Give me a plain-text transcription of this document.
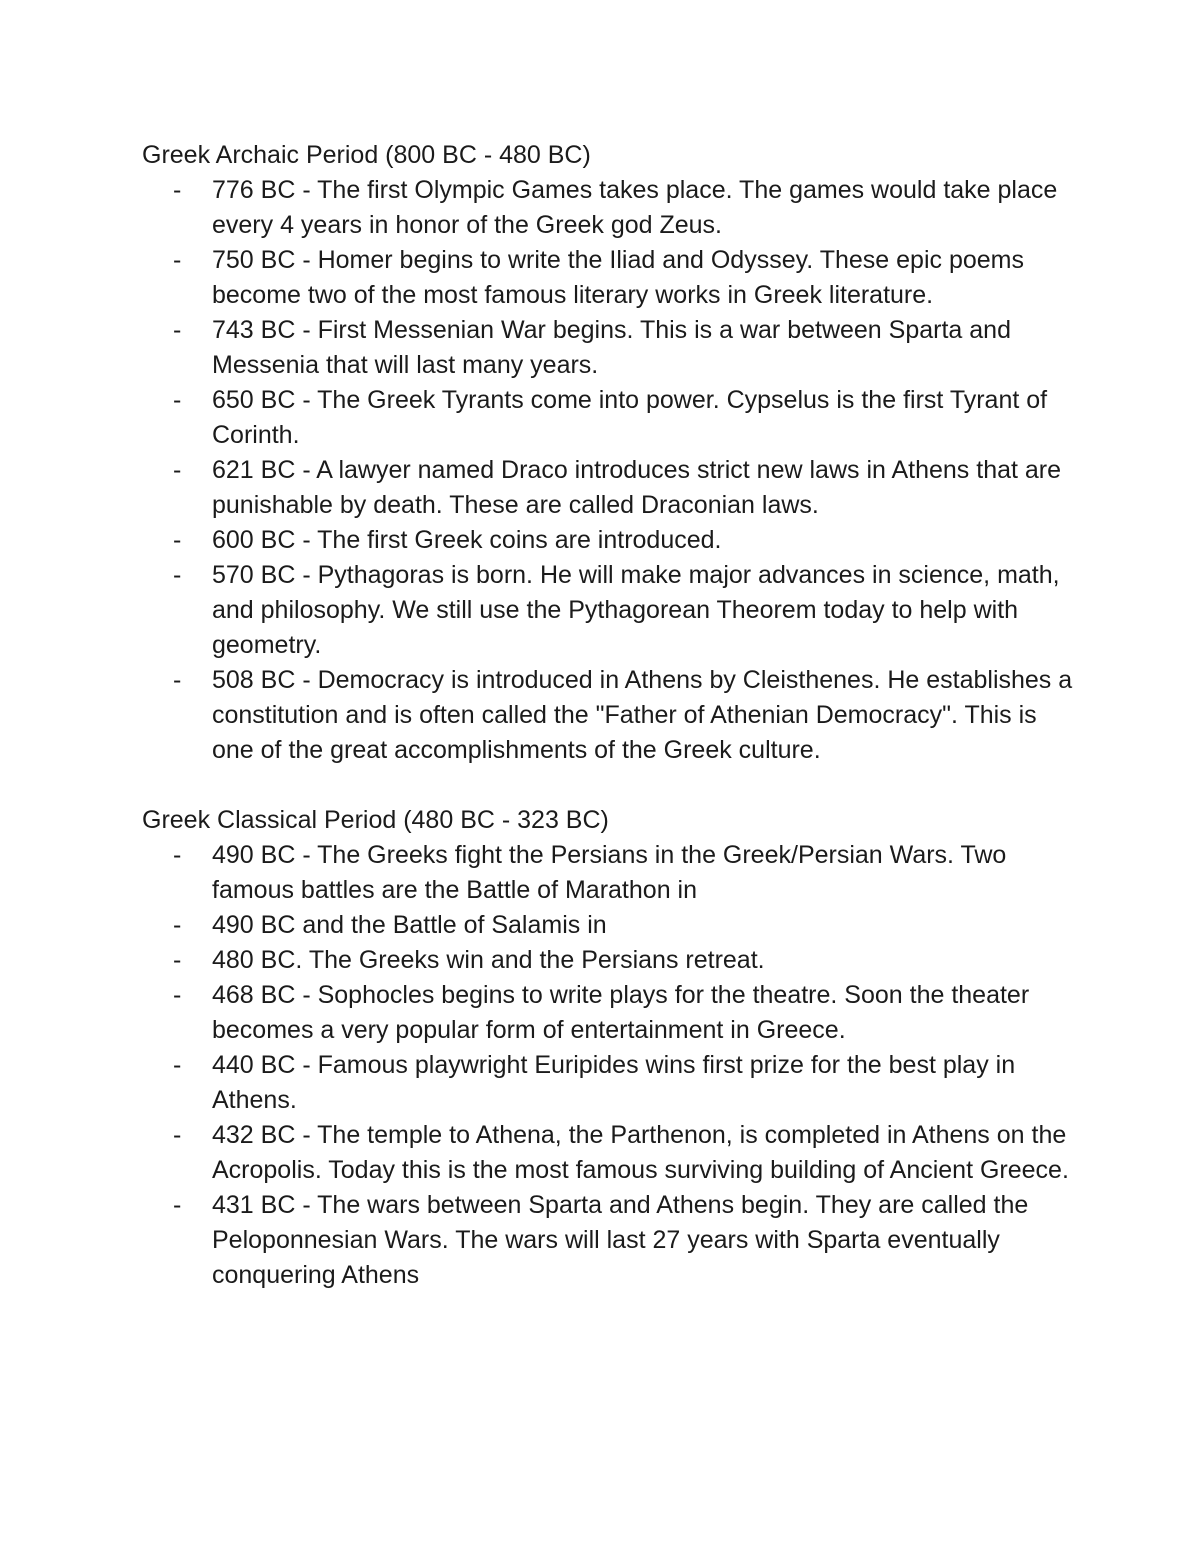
Greek Archaic Period (800 BC - 480 BC)
- 776 BC - The first Olympic Games takes place. The games would take place every 4 years in honor of the Greek god Zeus.
- 750 BC - Homer begins to write the Iliad and Odyssey. These epic poems become two of the most famous literary works in Greek literature.
- 743 BC - First Messenian War begins. This is a war between Sparta and Messenia that will last many years.
- 650 BC - The Greek Tyrants come into power. Cypselus is the first Tyrant of Corinth.
- 621 BC - A lawyer named Draco introduces strict new laws in Athens that are punishable by death. These are called Draconian laws.
- 600 BC - The first Greek coins are introduced.
- 570 BC - Pythagoras is born. He will make major advances in science, math, and philosophy. We still use the Pythagorean Theorem today to help with geometry.
- 508 BC - Democracy is introduced in Athens by Cleisthenes. He establishes a constitution and is often called the "Father of Athenian Democracy". This is one of the great accomplishments of the Greek culture.
Greek Classical Period (480 BC - 323 BC)
- 490 BC - The Greeks fight the Persians in the Greek/Persian Wars. Two famous battles are the Battle of Marathon in
- 490 BC and the Battle of Salamis in
- 480 BC. The Greeks win and the Persians retreat.
- 468 BC - Sophocles begins to write plays for the theatre. Soon the theater becomes a very popular form of entertainment in Greece.
- 440 BC - Famous playwright Euripides wins first prize for the best play in Athens.
- 432 BC - The temple to Athena, the Parthenon, is completed in Athens on the Acropolis. Today this is the most famous surviving building of Ancient Greece.
- 431 BC - The wars between Sparta and Athens begin. They are called the Peloponnesian Wars. The wars will last 27 years with Sparta eventually conquering Athens
